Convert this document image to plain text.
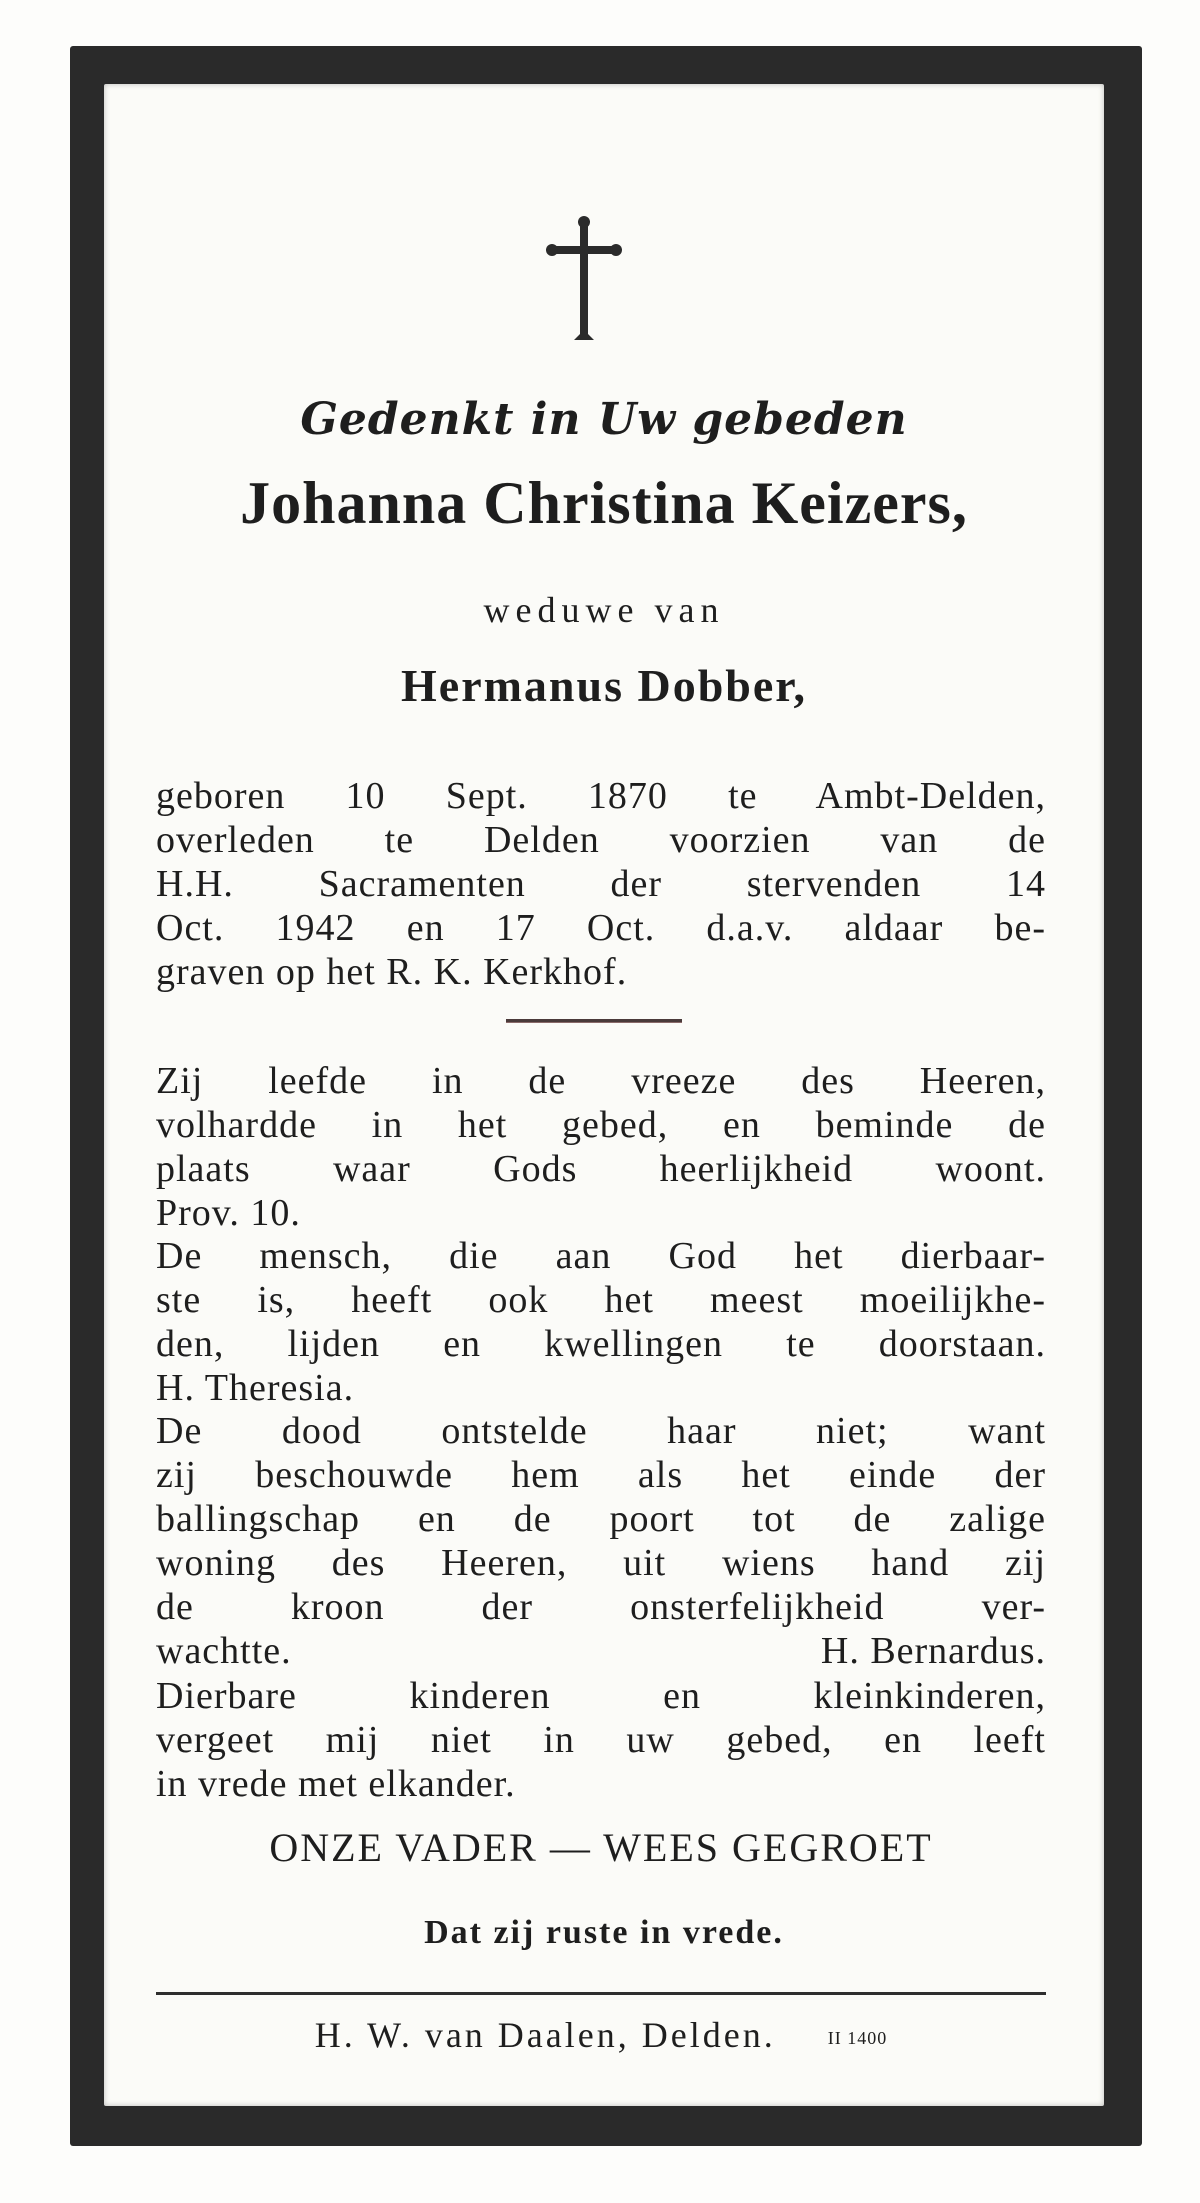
Gedenkt in Uw gebeden
Johanna Christina Keizers,
weduwe van
Hermanus Dobber,
geboren 10 Sept. 1870 te Ambt-Delden,
overleden te Delden voorzien van de
H.H. Sacramenten der stervenden 14
Oct. 1942 en 17 Oct. d.a.v. aldaar be-
graven op het R. K. Kerkhof.
Zij leefde in de vreeze des Heeren,
volhardde in het gebed, en beminde de
plaats waar Gods heerlijkheid woont.
Prov. 10.
De mensch, die aan God het dierbaar-
ste is, heeft ook het meest moeilijkhe-
den, lijden en kwellingen te doorstaan.
H. Theresia.
De dood ontstelde haar niet; want
zij beschouwde hem als het einde der
ballingschap en de poort tot de zalige
woning des Heeren, uit wiens hand zij
de kroon der onsterfelijkheid ver-
wachtte.	H. Bernardus.
Dierbare kinderen en kleinkinderen,
vergeet mij niet in uw gebed, en leeft
in vrede met elkander.
ONZE VADER — WEES GEGROET
Dat zij ruste in vrede.
H. W. van Daalen, Delden.	II 1400
